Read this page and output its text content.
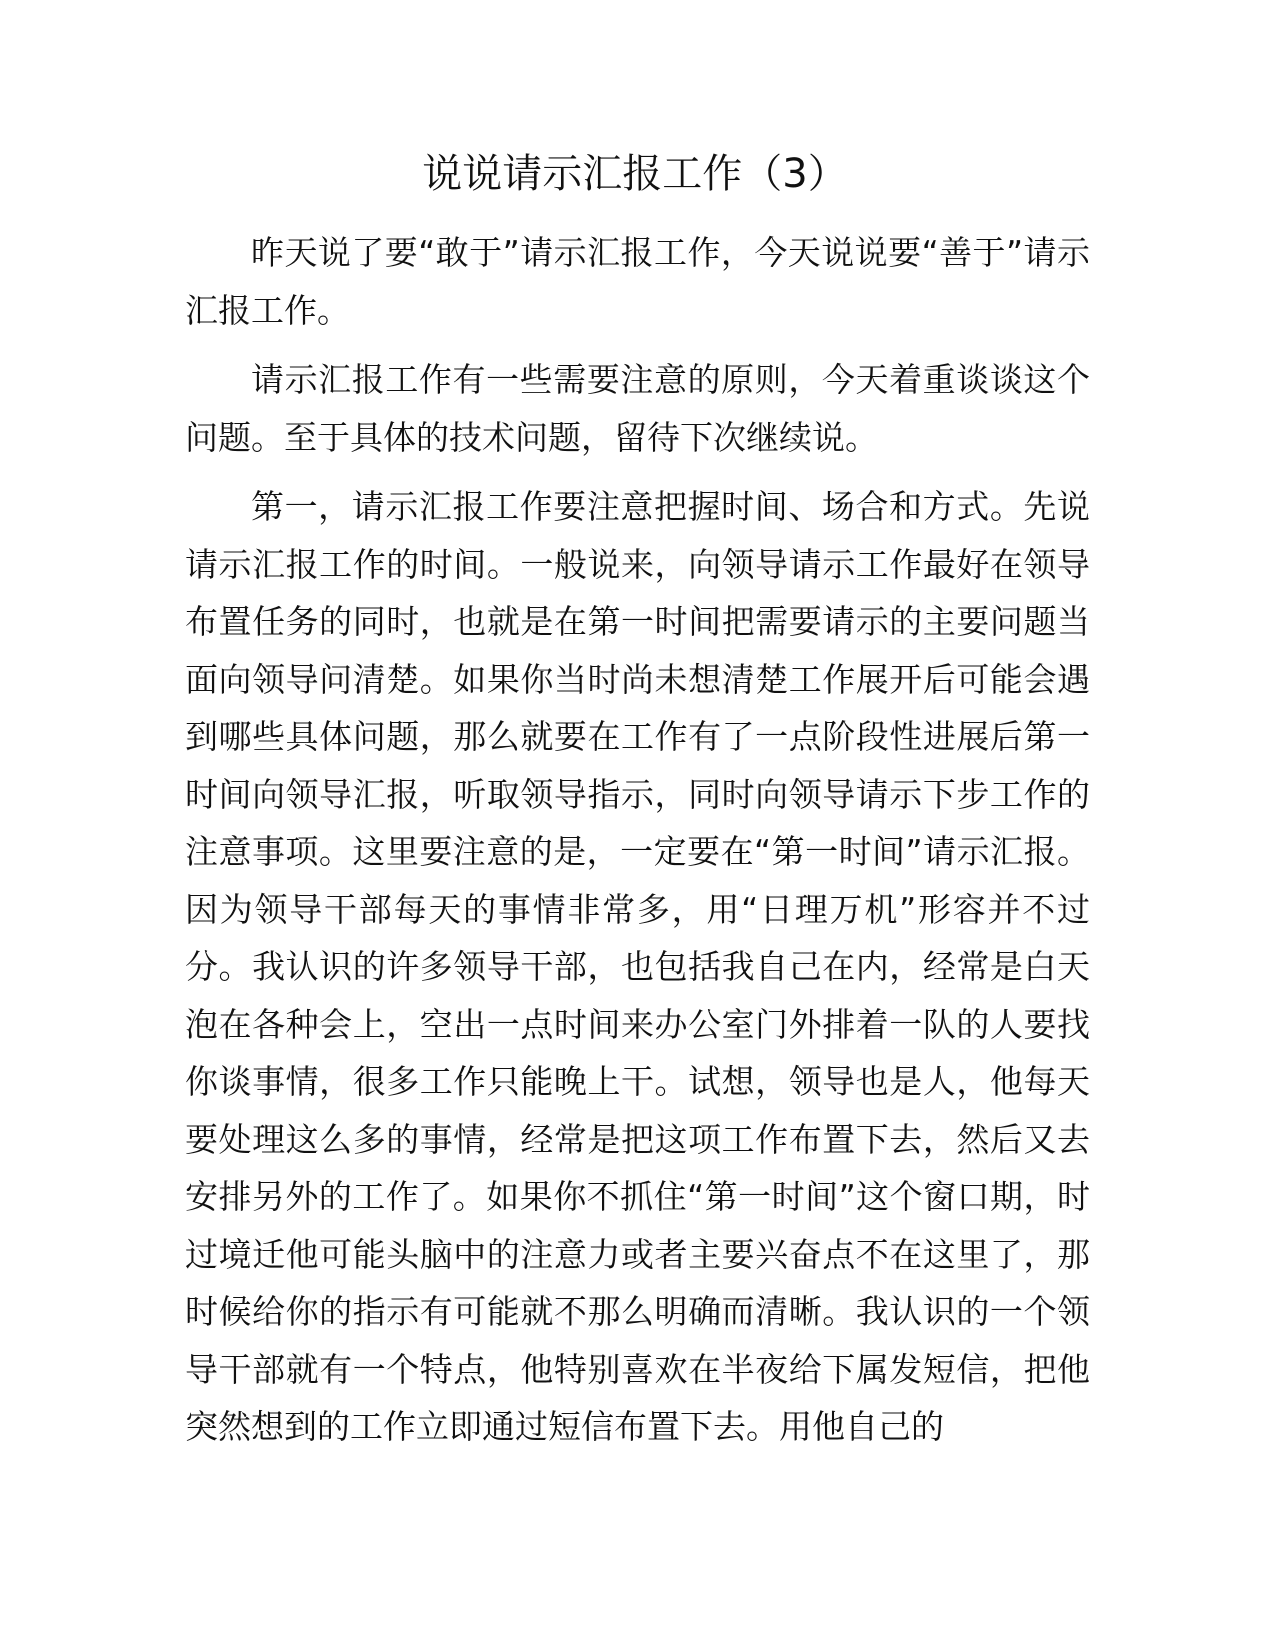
说说请示汇报工作（3）

昨天说了要“敢于”请示汇报工作，今天说说要“善于”请示汇报工作。

请示汇报工作有一些需要注意的原则，今天着重谈谈这个问题。至于具体的技术问题，留待下次继续说。

第一，请示汇报工作要注意把握时间、场合和方式。先说请示汇报工作的时间。一般说来，向领导请示工作最好在领导布置任务的同时，也就是在第一时间把需要请示的主要问题当面向领导问清楚。如果你当时尚未想清楚工作展开后可能会遇到哪些具体问题，那么就要在工作有了一点阶段性进展后第一时间向领导汇报，听取领导指示，同时向领导请示下步工作的注意事项。这里要注意的是，一定要在“第一时间”请示汇报。因为领导干部每天的事情非常多，用“日理万机”形容并不过分。我认识的许多领导干部，也包括我自己在内，经常是白天泡在各种会上，空出一点时间来办公室门外排着一队的人要找你谈事情，很多工作只能晚上干。试想，领导也是人，他每天要处理这么多的事情，经常是把这项工作布置下去，然后又去安排另外的工作了。如果你不抓住“第一时间”这个窗口期，时过境迁他可能头脑中的注意力或者主要兴奋点不在这里了，那时候给你的指示有可能就不那么明确而清晰。我认识的一个领导干部就有一个特点，他特别喜欢在半夜给下属发短信，把他突然想到的工作立即通过短信布置下去。用他自己的
